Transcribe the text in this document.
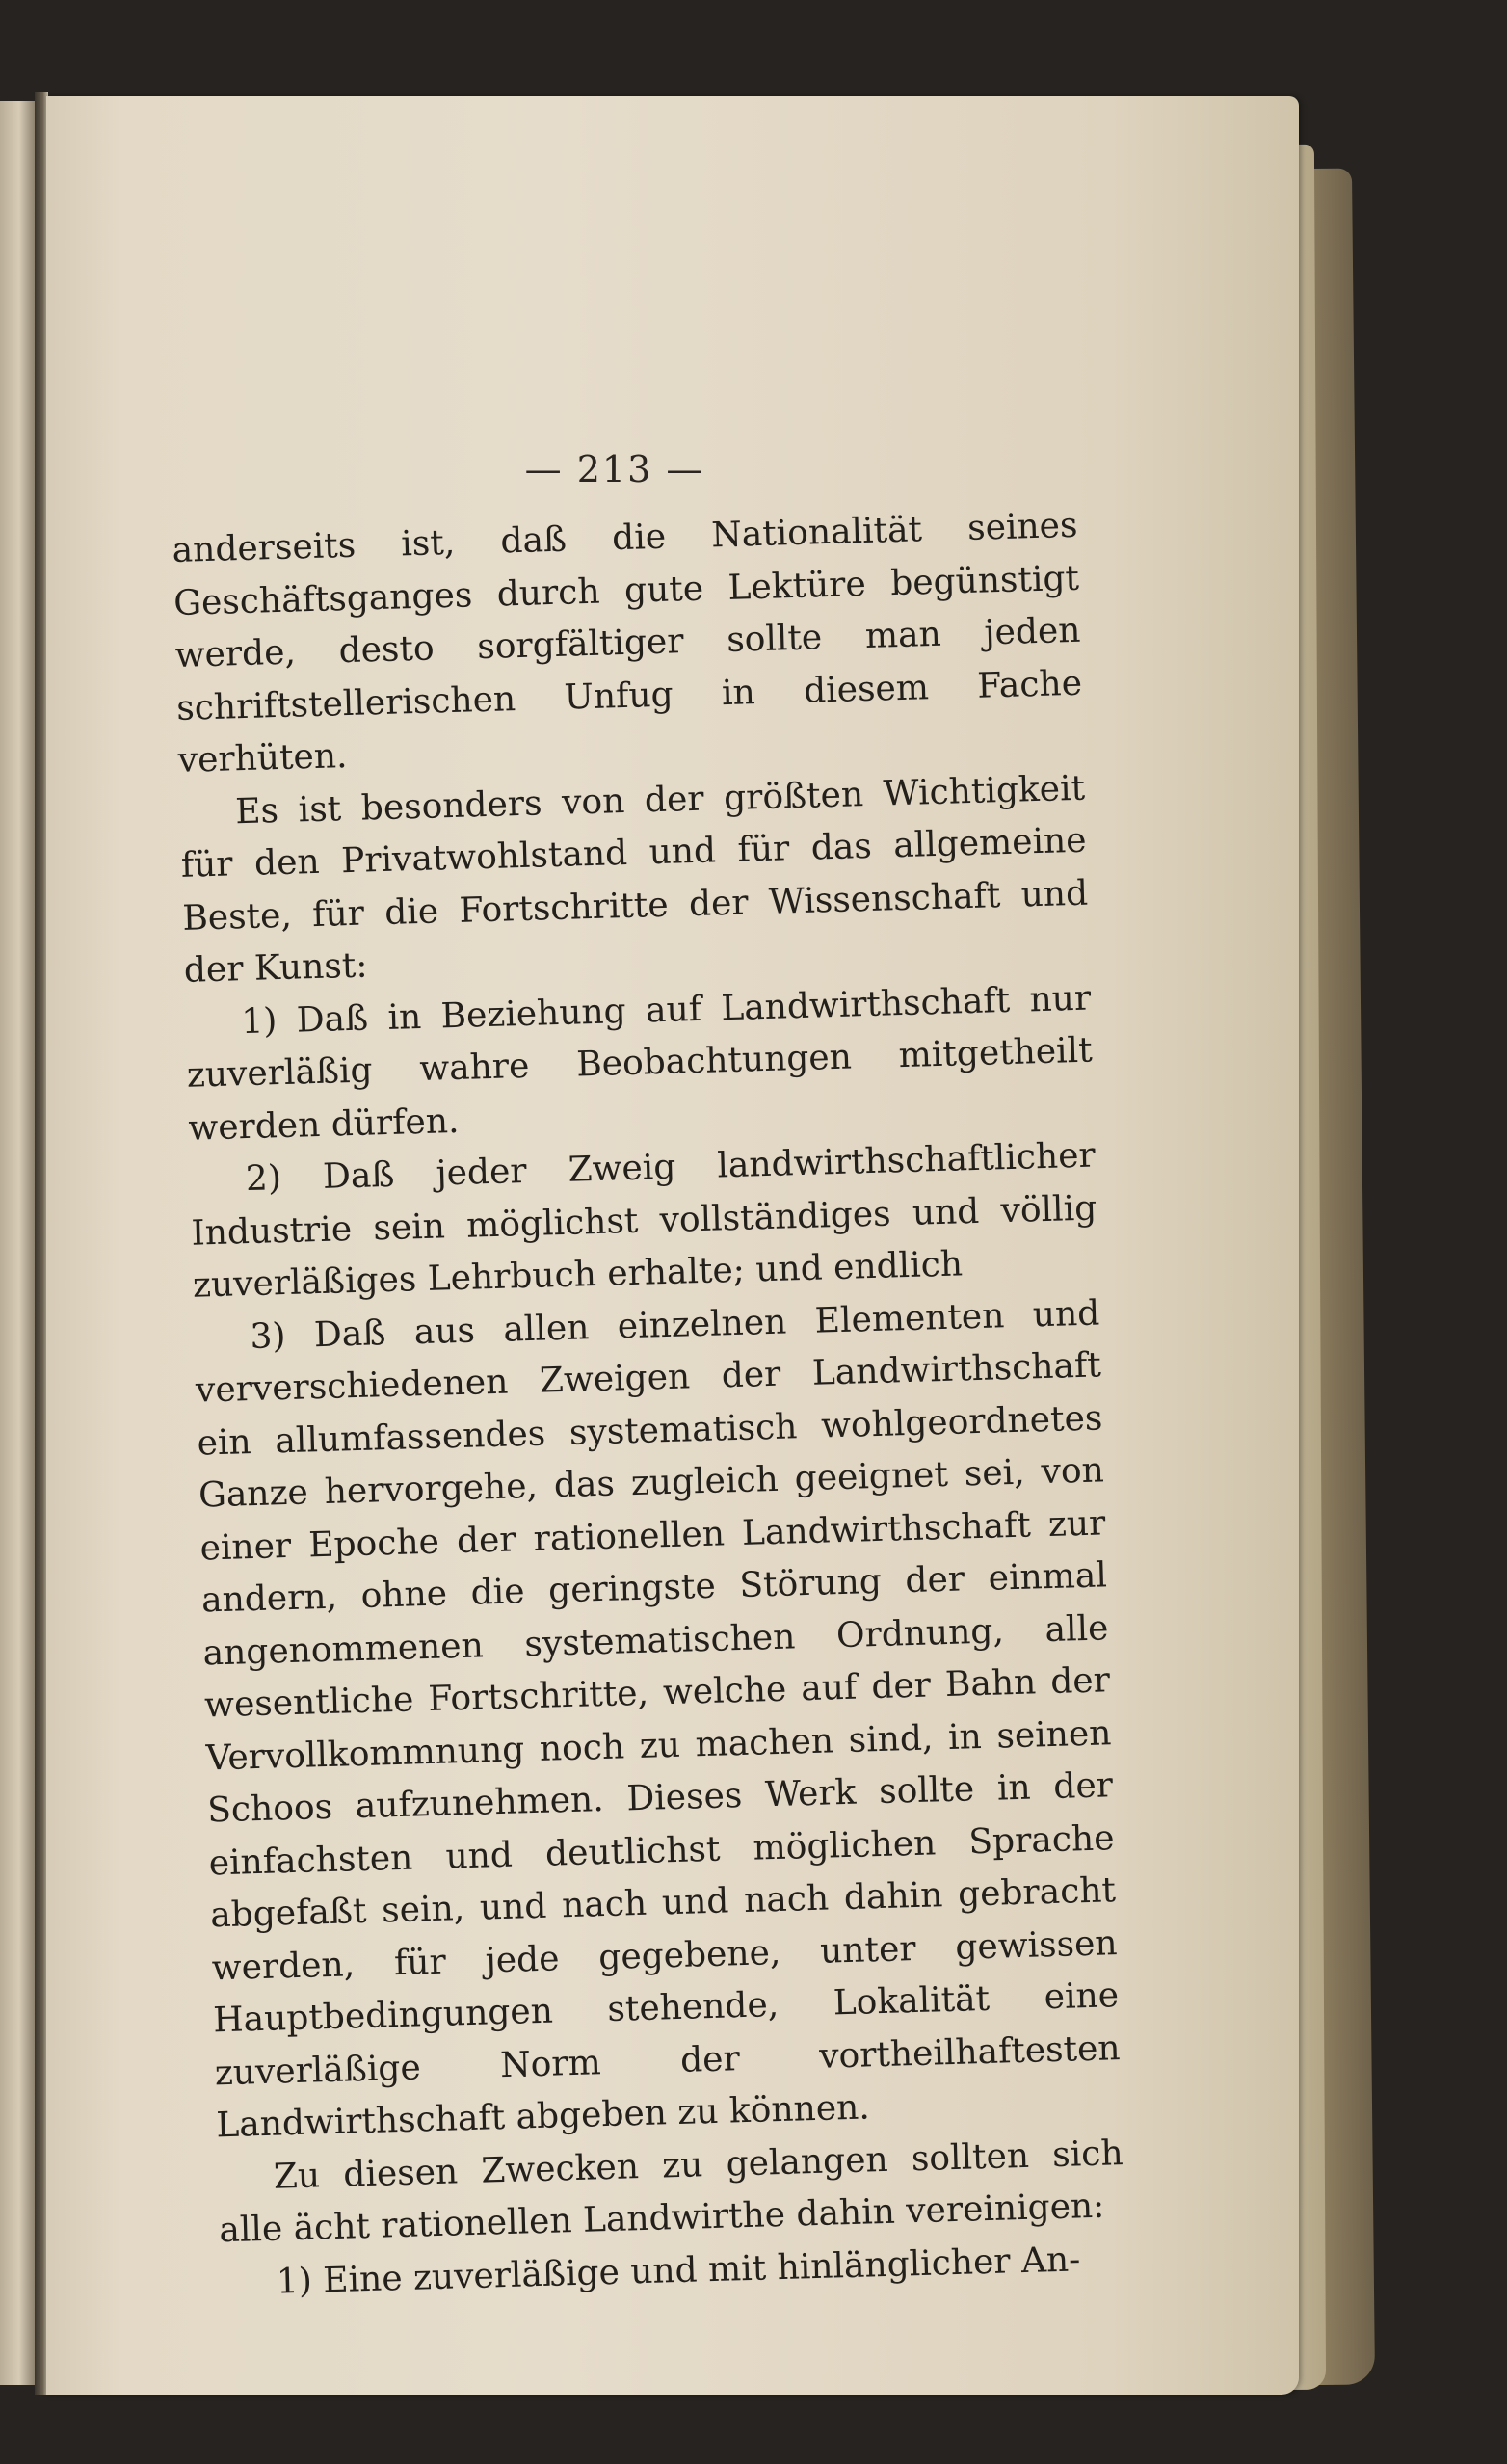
— 213 —

anderseits ist, daß die Nationalität seines Geschäftsganges durch gute Lektüre begünstigt werde, desto sorgfältiger sollte man jeden schriftstellerischen Unfug in diesem Fache verhüten.

Es ist besonders von der größten Wichtigkeit für den Privatwohlstand und für das allgemeine Beste, für die Fortschritte der Wissenschaft und der Kunst:

1) Daß in Beziehung auf Landwirthschaft nur zuverläßig wahre Beobachtungen mitgetheilt werden dürfen.

2) Daß jeder Zweig landwirthschaftlicher Industrie sein möglichst vollständiges und völlig zuverläßiges Lehrbuch erhalte; und endlich

3) Daß aus allen einzelnen Elementen und ververschiedenen Zweigen der Landwirthschaft ein allumfassendes systematisch wohlgeordnetes Ganze hervorgehe, das zugleich geeignet sei, von einer Epoche der rationellen Landwirthschaft zur andern, ohne die geringste Störung der einmal angenommenen systematischen Ordnung, alle wesentliche Fortschritte, welche auf der Bahn der Vervollkommnung noch zu machen sind, in seinen Schoos aufzunehmen. Dieses Werk sollte in der einfachsten und deutlichst möglichen Sprache abgefaßt sein, und nach und nach dahin gebracht werden, für jede gegebene, unter gewissen Hauptbedingungen stehende, Lokalität eine zuverläßige Norm der vortheilhaftesten Landwirthschaft abgeben zu können.

Zu diesen Zwecken zu gelangen sollten sich alle ächt rationellen Landwirthe dahin vereinigen:

1) Eine zuverläßige und mit hinlänglicher An-
